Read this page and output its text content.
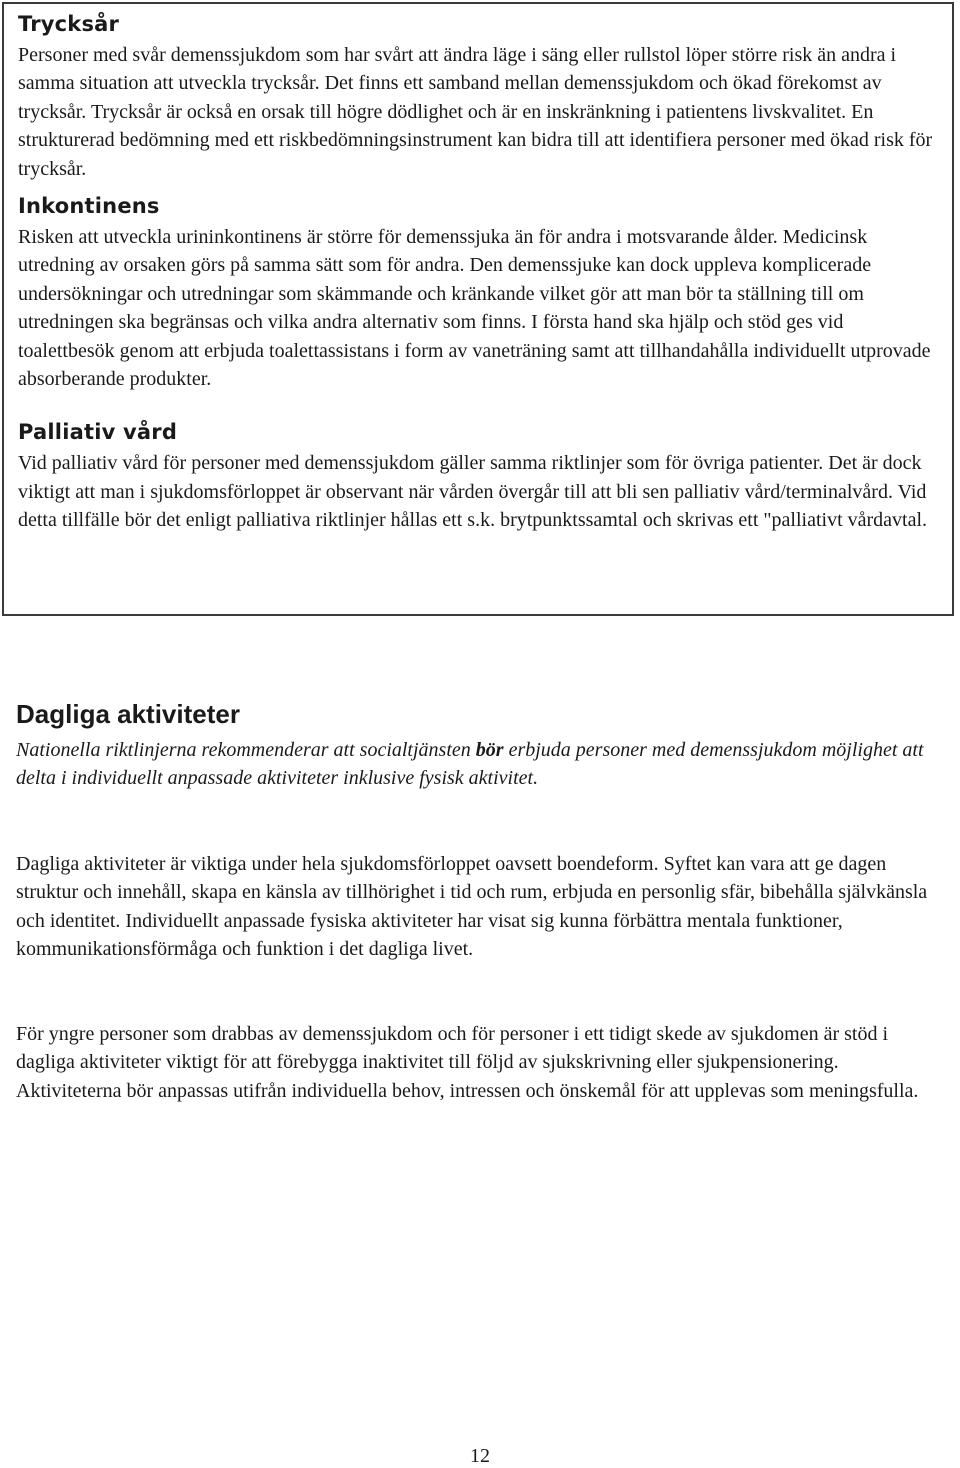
Trycksår

Personer med svår demenssjukdom som har svårt att ändra läge i säng eller rullstol löper större risk än andra i samma situation att utveckla trycksår. Det finns ett samband mellan demenssjukdom och ökad förekomst av trycksår. Trycksår är också en orsak till högre dödlighet och är en inskränkning i patientens livskvalitet. En strukturerad bedömning med ett riskbedömningsinstrument kan bidra till att identifiera personer med ökad risk för trycksår.

Inkontinens

Risken att utveckla urininkontinens är större för demenssjuka än för andra i motsvarande ålder. Medicinsk utredning av orsaken görs på samma sätt som för andra. Den demenssjuke kan dock uppleva komplicerade undersökningar och utredningar som skämmande och kränkande vilket gör att man bör ta ställning till om utredningen ska begränsas och vilka andra alternativ som finns. I första hand ska hjälp och stöd ges vid toalettbesök genom att erbjuda toalettassistans i form av vaneträning samt att tillhandahålla individuellt utprovade absorberande produkter.

Palliativ vård

Vid palliativ vård för personer med demenssjukdom gäller samma riktlinjer som för övriga patienter. Det är dock viktigt att man i sjukdomsförloppet är observant när vården övergår till att bli sen palliativ vård/terminalvård. Vid detta tillfälle bör det enligt palliativa riktlinjer hållas ett s.k. brytpunktssamtal och skrivas ett "palliativt vårdavtal.

Dagliga aktiviteter

Nationella riktlinjerna rekommenderar att socialtjänsten bör erbjuda personer med demenssjukdom möjlighet att delta i individuellt anpassade aktiviteter inklusive fysisk aktivitet.

Dagliga aktiviteter är viktiga under hela sjukdomsförloppet oavsett boendeform. Syftet kan vara att ge dagen struktur och innehåll, skapa en känsla av tillhörighet i tid och rum, erbjuda en personlig sfär, bibehålla självkänsla och identitet. Individuellt anpassade fysiska aktiviteter har visat sig kunna förbättra mentala funktioner, kommunikationsförmåga och funktion i det dagliga livet.

För yngre personer som drabbas av demenssjukdom och för personer i ett tidigt skede av sjukdomen är stöd i dagliga aktiviteter viktigt för att förebygga inaktivitet till följd av sjukskrivning eller sjukpensionering. Aktiviteterna bör anpassas utifrån individuella behov, intressen och önskemål för att upplevas som meningsfulla.

12
